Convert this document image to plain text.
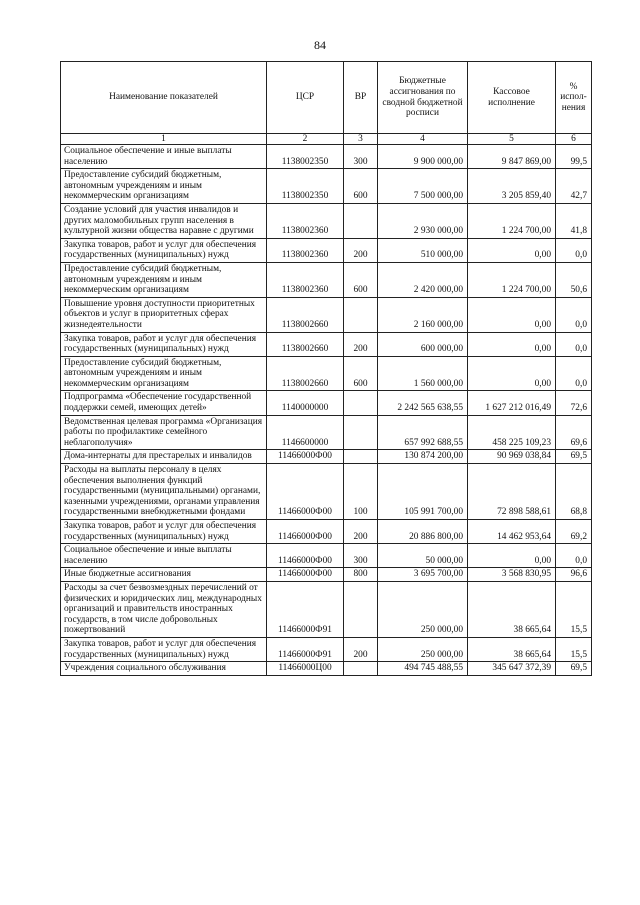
84
Наименование показателей	ЦСР	ВР	Бюджетные ассигнования по сводной бюджетной росписи	Кассовое исполнение	% испол-нения
1	2	3	4	5	6
Социальное обеспечение и иные выплаты населению	1138002350	300	9 900 000,00	9 847 869,00	99,5
Предоставление субсидий бюджетным, автономным учреждениям и иным некоммерческим организациям	1138002350	600	7 500 000,00	3 205 859,40	42,7
Создание условий для участия инвалидов и других маломобильных групп населения в культурной жизни общества наравне с другими	1138002360		2 930 000,00	1 224 700,00	41,8
Закупка товаров, работ и услуг для обеспечения государственных (муниципальных) нужд	1138002360	200	510 000,00	0,00	0,0
Предоставление субсидий бюджетным, автономным учреждениям и иным некоммерческим организациям	1138002360	600	2 420 000,00	1 224 700,00	50,6
Повышение уровня доступности приоритетных объектов и услуг в приоритетных сферах жизнедеятельности	1138002660		2 160 000,00	0,00	0,0
Закупка товаров, работ и услуг для обеспечения государственных (муниципальных) нужд	1138002660	200	600 000,00	0,00	0,0
Предоставление субсидий бюджетным, автономным учреждениям и иным некоммерческим организациям	1138002660	600	1 560 000,00	0,00	0,0
Подпрограмма «Обеспечение государственной поддержки семей, имеющих детей»	1140000000		2 242 565 638,55	1 627 212 016,49	72,6
Ведомственная целевая программа «Организация работы по профилактике семейного неблагополучия»	1146600000		657 992 688,55	458 225 109,23	69,6
Дома-интернаты для престарелых и инвалидов	11466000Ф00		130 874 200,00	90 969 038,84	69,5
Расходы на выплаты персоналу в целях обеспечения выполнения функций государственными (муниципальными) органами, казенными учреждениями, органами управления государственными внебюджетными фондами	11466000Ф00	100	105 991 700,00	72 898 588,61	68,8
Закупка товаров, работ и услуг для обеспечения государственных (муниципальных) нужд	11466000Ф00	200	20 886 800,00	14 462 953,64	69,2
Социальное обеспечение и иные выплаты населению	11466000Ф00	300	50 000,00	0,00	0,0
Иные бюджетные ассигнования	11466000Ф00	800	3 695 700,00	3 568 830,95	96,6
Расходы за счет безвозмездных перечислений от физических и юридических лиц, международных организаций и правительств иностранных государств, в том числе добровольных пожертвований	11466000Ф91		250 000,00	38 665,64	15,5
Закупка товаров, работ и услуг для обеспечения государственных (муниципальных) нужд	11466000Ф91	200	250 000,00	38 665,64	15,5
Учреждения социального обслуживания	11466000Ц00		494 745 488,55	345 647 372,39	69,5
